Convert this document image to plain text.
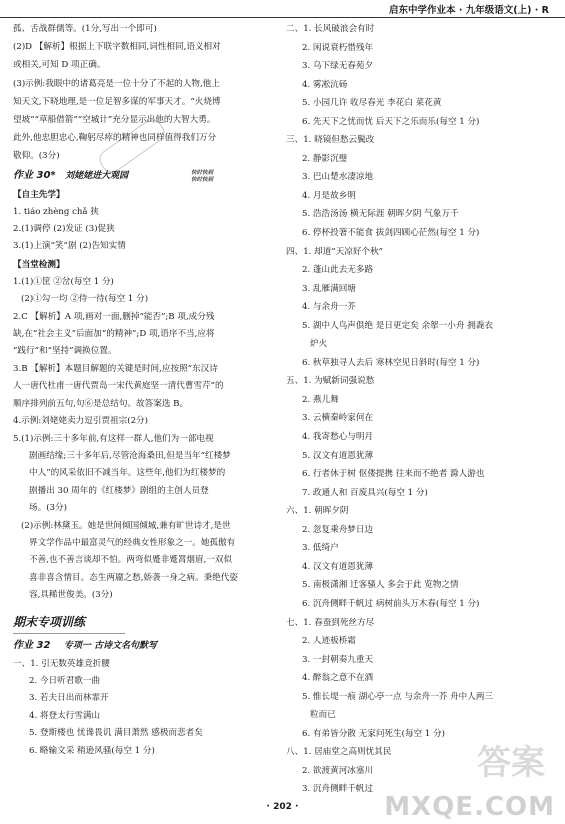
启东中学作业本 · 九年级语文(上) · R
孤、舌战群儒等。(1分,写出一个即可)
(2)D 【解析】根据上下联字数相同,词性相同,语义相对
或相关,可知 D 项正确。
(3)示例:我眼中的诸葛亮是一位十分了不起的人物,他上
知天文,下晓地理,是一位足智多谋的军事天才。“火烧博
望坡”“草船借箭”“空城计”充分显示出他的大智大勇。
此外,他忠胆忠心,鞠躬尽瘁的精神也同样值得我们万分
敬仰。(3分)
作业 30* 刘姥姥进大观园	快时快到
快时快到
【自主先学】
1. tiáo zhèng chǎ 狭
2.(1)调停 (2)发证 (3)促狭
3.(1)上演“笑”剧 (2)告知实情
【当堂检测】
1.(1)①筐 ②岔(每空 1 分)
(2)①勾一均 ②侍一待(每空 1 分)
2.C 【解析】A 项,画对一面,删掉“能否”;B 项,成分残
缺,在“社会主义”后面加“的精神”;D 项,语序不当,应将
“践行”和“坚持”调换位置。
3.B 【解析】本题目解题的关键是时间,应按照“东汉诗
人一唐代杜甫一唐代贾岛一宋代黄庭坚一清代曹雪芹”的
顺序排列前五句,句⑥是总结句。故答案选 B。
4.示例:刘姥姥卖力逗引贾祖宗(2分)
5.(1)示例:三十多年前,有这样一群人,他们为一部电视
剧画结缘;三十多年后,尽管沧海桑田,但是当年“红楼梦
中人”的风采依旧不减当年。这些年,他们为红楼梦的
剧播出 30 周年的《红楼梦》剧组的主创人员登
场。(3分)
(2)示例:林黛玉。她是世间倾国倾城,兼有旷世诗才,是世
界文学作品中最富灵气的经典女性形象之一。她孤傲有
不善,也不善言谈却不怕。两弯似蹙非蹙罥烟眉,一双似
喜非喜含情目。态生两靥之愁,娇袭一身之病。秉绝代姿
容,具稀世俊美。(3分)
期末专项训练
作业 32 专项一 古诗文名句默写
一、1. 引无数英雄竞折腰
2. 今日听君歌一曲
3. 若夫日出而林霏开
4. 将登太行雪满山
5. 登斯楼也 忧谗畏讥 满目萧然 感极而悲者矣
6. 略输文采 稍逊风骚(每空 1 分)
二、1. 长风破浪会有时
2. 闲说衰朽惜残年
3. 乌下绿无春苑夕
4. 雾凇沆砀
5. 小园几许 收尽春光 李花白 菜花黄
6. 先天下之忧而忧 后天下之乐而乐(每空 1 分)
三、1. 晓镜但愁云鬓改
2. 静影沉璧
3. 巴山楚水凄凉地
4. 月是故乡明
5. 浩浩汤汤 横无际涯 朝晖夕阴 气象万千
6. 停杯投箸不能食 拔剑四顾心茫然(每空 1 分)
四、1. 却道“天凉好个秋”
2. 蓬山此去无多路
3. 乱雁满回塘
4. 与余舟一芥
5. 湖中人鸟声俱绝 是日更定矣 余挐一小舟 拥毳衣
炉火
6. 秋草独寻人去后 寒林空见日斜时(每空 1 分)
五、1. 为赋新词强说愁
2. 燕儿舞
3. 云横秦岭家何在
4. 我寄愁心与明月
5. 汉文有道恩犹薄
6. 行者休于树 伛偻提携 往来而不绝者 滁人游也
7. 政通人和 百废具兴(每空 1 分)
六、1. 朝晖夕阴
2. 忽复乘舟梦日边
3. 低绮户
4. 汉文有道恩犹薄
5. 南极潇湘 迁客骚人 多会于此 览物之情
6. 沉舟侧畔千帆过 病树前头万木春(每空 1 分)
七、1. 春蚕到死丝方尽
2. 人迹板桥霜
3. 一封朝奏九重天
4. 醉翁之意不在酒
5. 惟长堤一痕 湖心亭一点 与余舟一芥 舟中人两三
粒而已
6. 有弟皆分散 无家问死生(每空 1 分)
八、1. 居庙堂之高则忧其民
2. 欲渡黄河冰塞川
3. 沉舟侧畔千帆过
答案
MXQE.COM
· 202 ·
